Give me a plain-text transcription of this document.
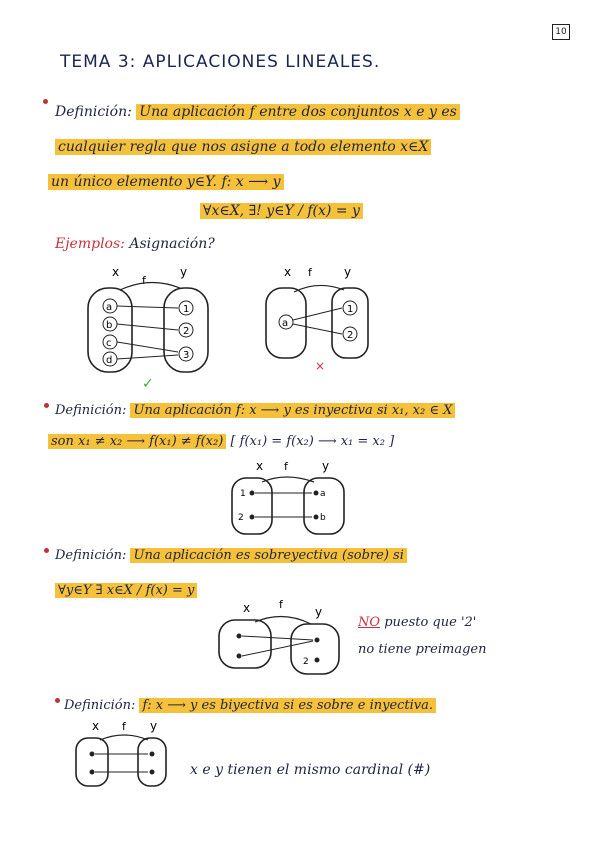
10
TEMA 3: APLICACIONES LINEALES.
Definición: Una aplicación f entre dos conjuntos x e y es
cualquier regla que nos asigne a todo elemento x∈X
un único elemento y∈Y. f: x ⟶ y
∀x∈X, ∃! y∈Y / f(x) = y
Ejemplos: Asignación?
x
f
y
a
b
c
d
1
2
3
✓
x f	y
a
1
2
×
Definición: Una aplicación f: x ⟶ y es inyectiva si x₁, x₂ ∈ X
son x₁ ≠ x₂ ⟶ f(x₁) ≠ f(x₂) [ f(x₁) = f(x₂) ⟶ x₁ = x₂ ]
x f	y
1
2
a
b
Definición: Una aplicación es sobreyectiva (sobre) si
∀y∈Y ∃ x∈X / f(x) = y
x	f
y
2
NO puesto que '2'
no tiene preimagen
Definición: f: x ⟶ y es biyectiva si es sobre e inyectiva.
x f y
x e y tienen el mismo cardinal (#)
